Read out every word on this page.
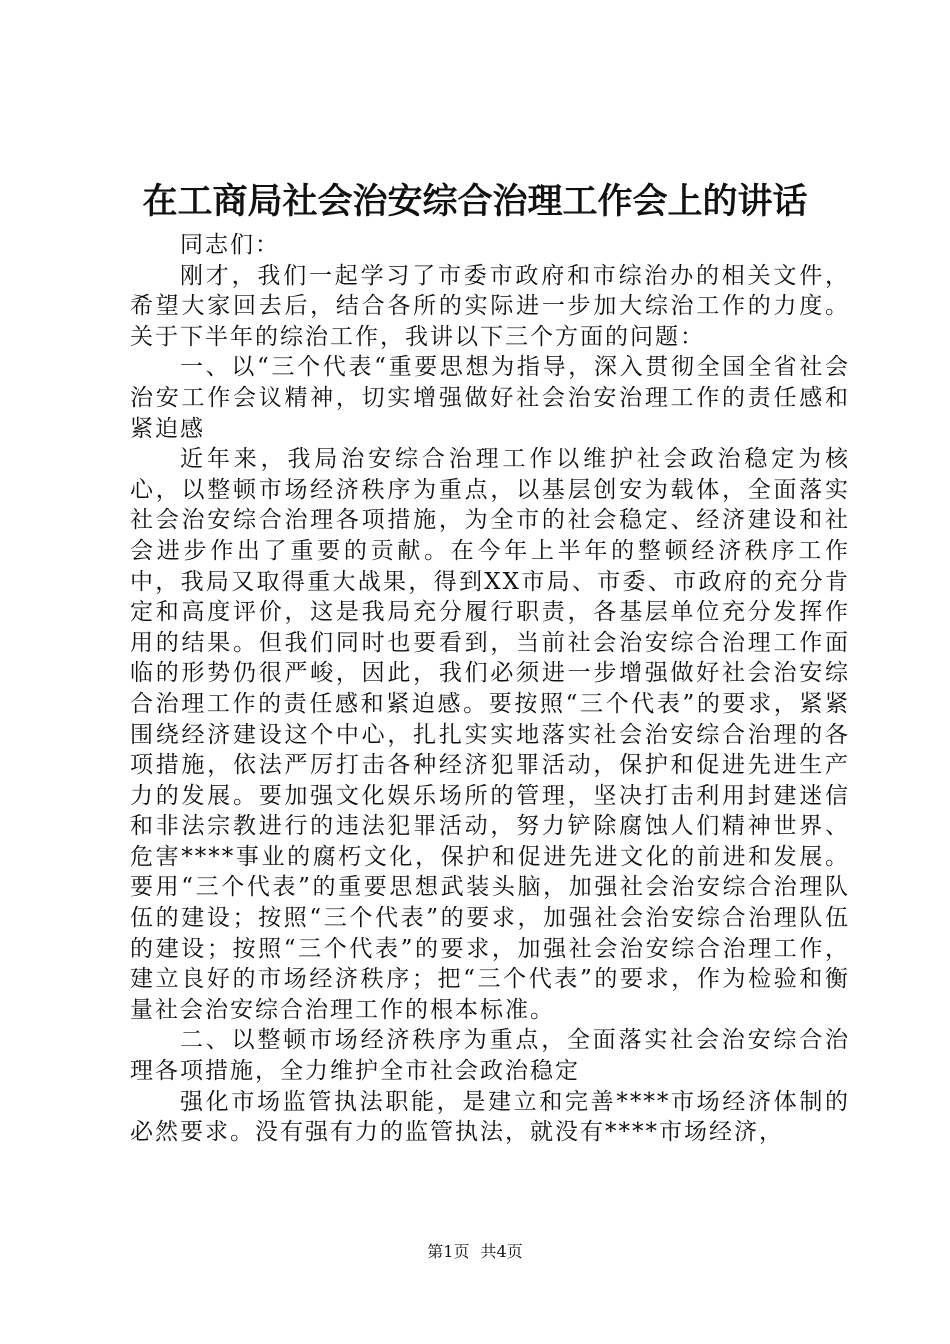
在工商局社会治安综合治理工作会上的讲话

同志们：

刚才，我们一起学习了市委市政府和市综治办的相关文件，希望大家回去后，结合各所的实际进一步加大综治工作的力度。关于下半年的综治工作，我讲以下三个方面的问题：

一、以“三个代表“重要思想为指导，深入贯彻全国全省社会治安工作会议精神，切实增强做好社会治安治理工作的责任感和紧迫感

近年来，我局治安综合治理工作以维护社会政治稳定为核心，以整顿市场经济秩序为重点，以基层创安为载体，全面落实社会治安综合治理各项措施，为全市的社会稳定、经济建设和社会进步作出了重要的贡献。在今年上半年的整顿经济秩序工作中，我局又取得重大战果，得到XX市局、市委、市政府的充分肯定和高度评价，这是我局充分履行职责，各基层单位充分发挥作用的结果。但我们同时也要看到，当前社会治安综合治理工作面临的形势仍很严峻，因此，我们必须进一步增强做好社会治安综合治理工作的责任感和紧迫感。要按照“三个代表”的要求，紧紧围绕经济建设这个中心，扎扎实实地落实社会治安综合治理的各项措施，依法严厉打击各种经济犯罪活动，保护和促进先进生产力的发展。要加强文化娱乐场所的管理，坚决打击利用封建迷信和非法宗教进行的违法犯罪活动，努力铲除腐蚀人们精神世界、危害****事业的腐朽文化，保护和促进先进文化的前进和发展。要用“三个代表”的重要思想武装头脑，加强社会治安综合治理队伍的建设；按照“三个代表”的要求，加强社会治安综合治理队伍的建设；按照“三个代表”的要求，加强社会治安综合治理工作，建立良好的市场经济秩序；把“三个代表”的要求，作为检验和衡量社会治安综合治理工作的根本标准。

二、以整顿市场经济秩序为重点，全面落实社会治安综合治理各项措施，全力维护全市社会政治稳定

强化市场监管执法职能，是建立和完善****市场经济体制的必然要求。没有强有力的监管执法，就没有****市场经济，

第1页 共4页
